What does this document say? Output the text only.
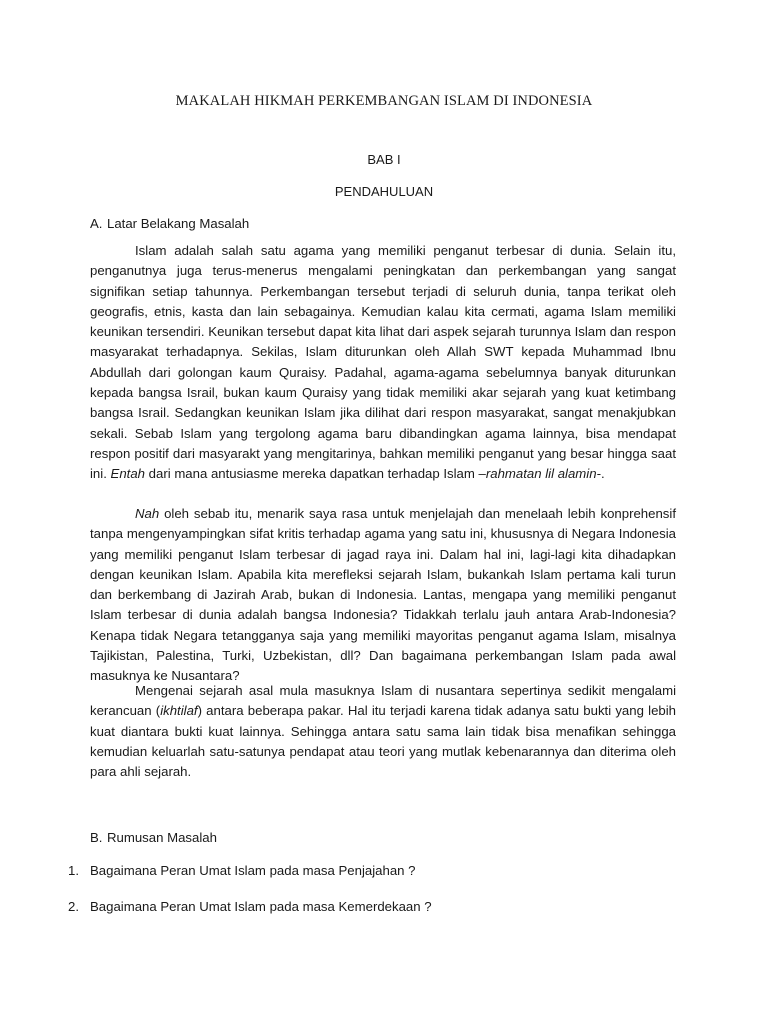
MAKALAH HIKMAH PERKEMBANGAN ISLAM DI INDONESIA
BAB I
PENDAHULUAN
A. Latar Belakang Masalah

Islam adalah salah satu agama yang memiliki penganut terbesar di dunia. Selain itu, penganutnya juga terus-menerus mengalami peningkatan dan perkembangan yang sangat signifikan setiap tahunnya. Perkembangan tersebut terjadi di seluruh dunia, tanpa terikat oleh geografis, etnis, kasta dan lain sebagainya. Kemudian kalau kita cermati, agama Islam memiliki keunikan tersendiri. Keunikan tersebut dapat kita lihat dari aspek sejarah turunnya Islam dan respon masyarakat terhadapnya. Sekilas, Islam diturunkan oleh Allah SWT kepada Muhammad Ibnu Abdullah dari golongan kaum Quraisy. Padahal, agama-agama sebelumnya banyak diturunkan kepada bangsa Israil, bukan kaum Quraisy yang tidak memiliki akar sejarah yang kuat ketimbang bangsa Israil. Sedangkan keunikan Islam jika dilihat dari respon masyarakat, sangat menakjubkan sekali. Sebab Islam yang tergolong agama baru dibandingkan agama lainnya, bisa mendapat respon positif dari masyarakt yang mengitarinya, bahkan memiliki penganut yang besar hingga saat ini. Entah dari mana antusiasme mereka dapatkan terhadap Islam –rahmatan lil alamin-.

Nah oleh sebab itu, menarik saya rasa untuk menjelajah dan menelaah lebih konprehensif tanpa mengenyampingkan sifat kritis terhadap agama yang satu ini, khususnya di Negara Indonesia yang memiliki penganut Islam terbesar di jagad raya ini. Dalam hal ini, lagi-lagi kita dihadapkan dengan keunikan Islam. Apabila kita merefleksi sejarah Islam, bukankah Islam pertama kali turun dan berkembang di Jazirah Arab, bukan di Indonesia. Lantas, mengapa yang memiliki penganut Islam terbesar di dunia adalah bangsa Indonesia? Tidakkah terlalu jauh antara Arab-Indonesia? Kenapa tidak Negara tetangganya saja yang memiliki mayoritas penganut agama Islam, misalnya Tajikistan, Palestina, Turki, Uzbekistan, dll? Dan bagaimana perkembangan Islam pada awal masuknya ke Nusantara?

Mengenai sejarah asal mula masuknya Islam di nusantara sepertinya sedikit mengalami kerancuan (ikhtilaf) antara beberapa pakar. Hal itu terjadi karena tidak adanya satu bukti yang lebih kuat diantara bukti kuat lainnya. Sehingga antara satu sama lain tidak bisa menafikan sehingga kemudian keluarlah satu-satunya pendapat atau teori yang mutlak kebenarannya dan diterima oleh para ahli sejarah.

B. Rumusan Masalah
1. Bagaimana Peran Umat Islam pada masa Penjajahan ?
2. Bagaimana Peran Umat Islam pada masa Kemerdekaan ?
